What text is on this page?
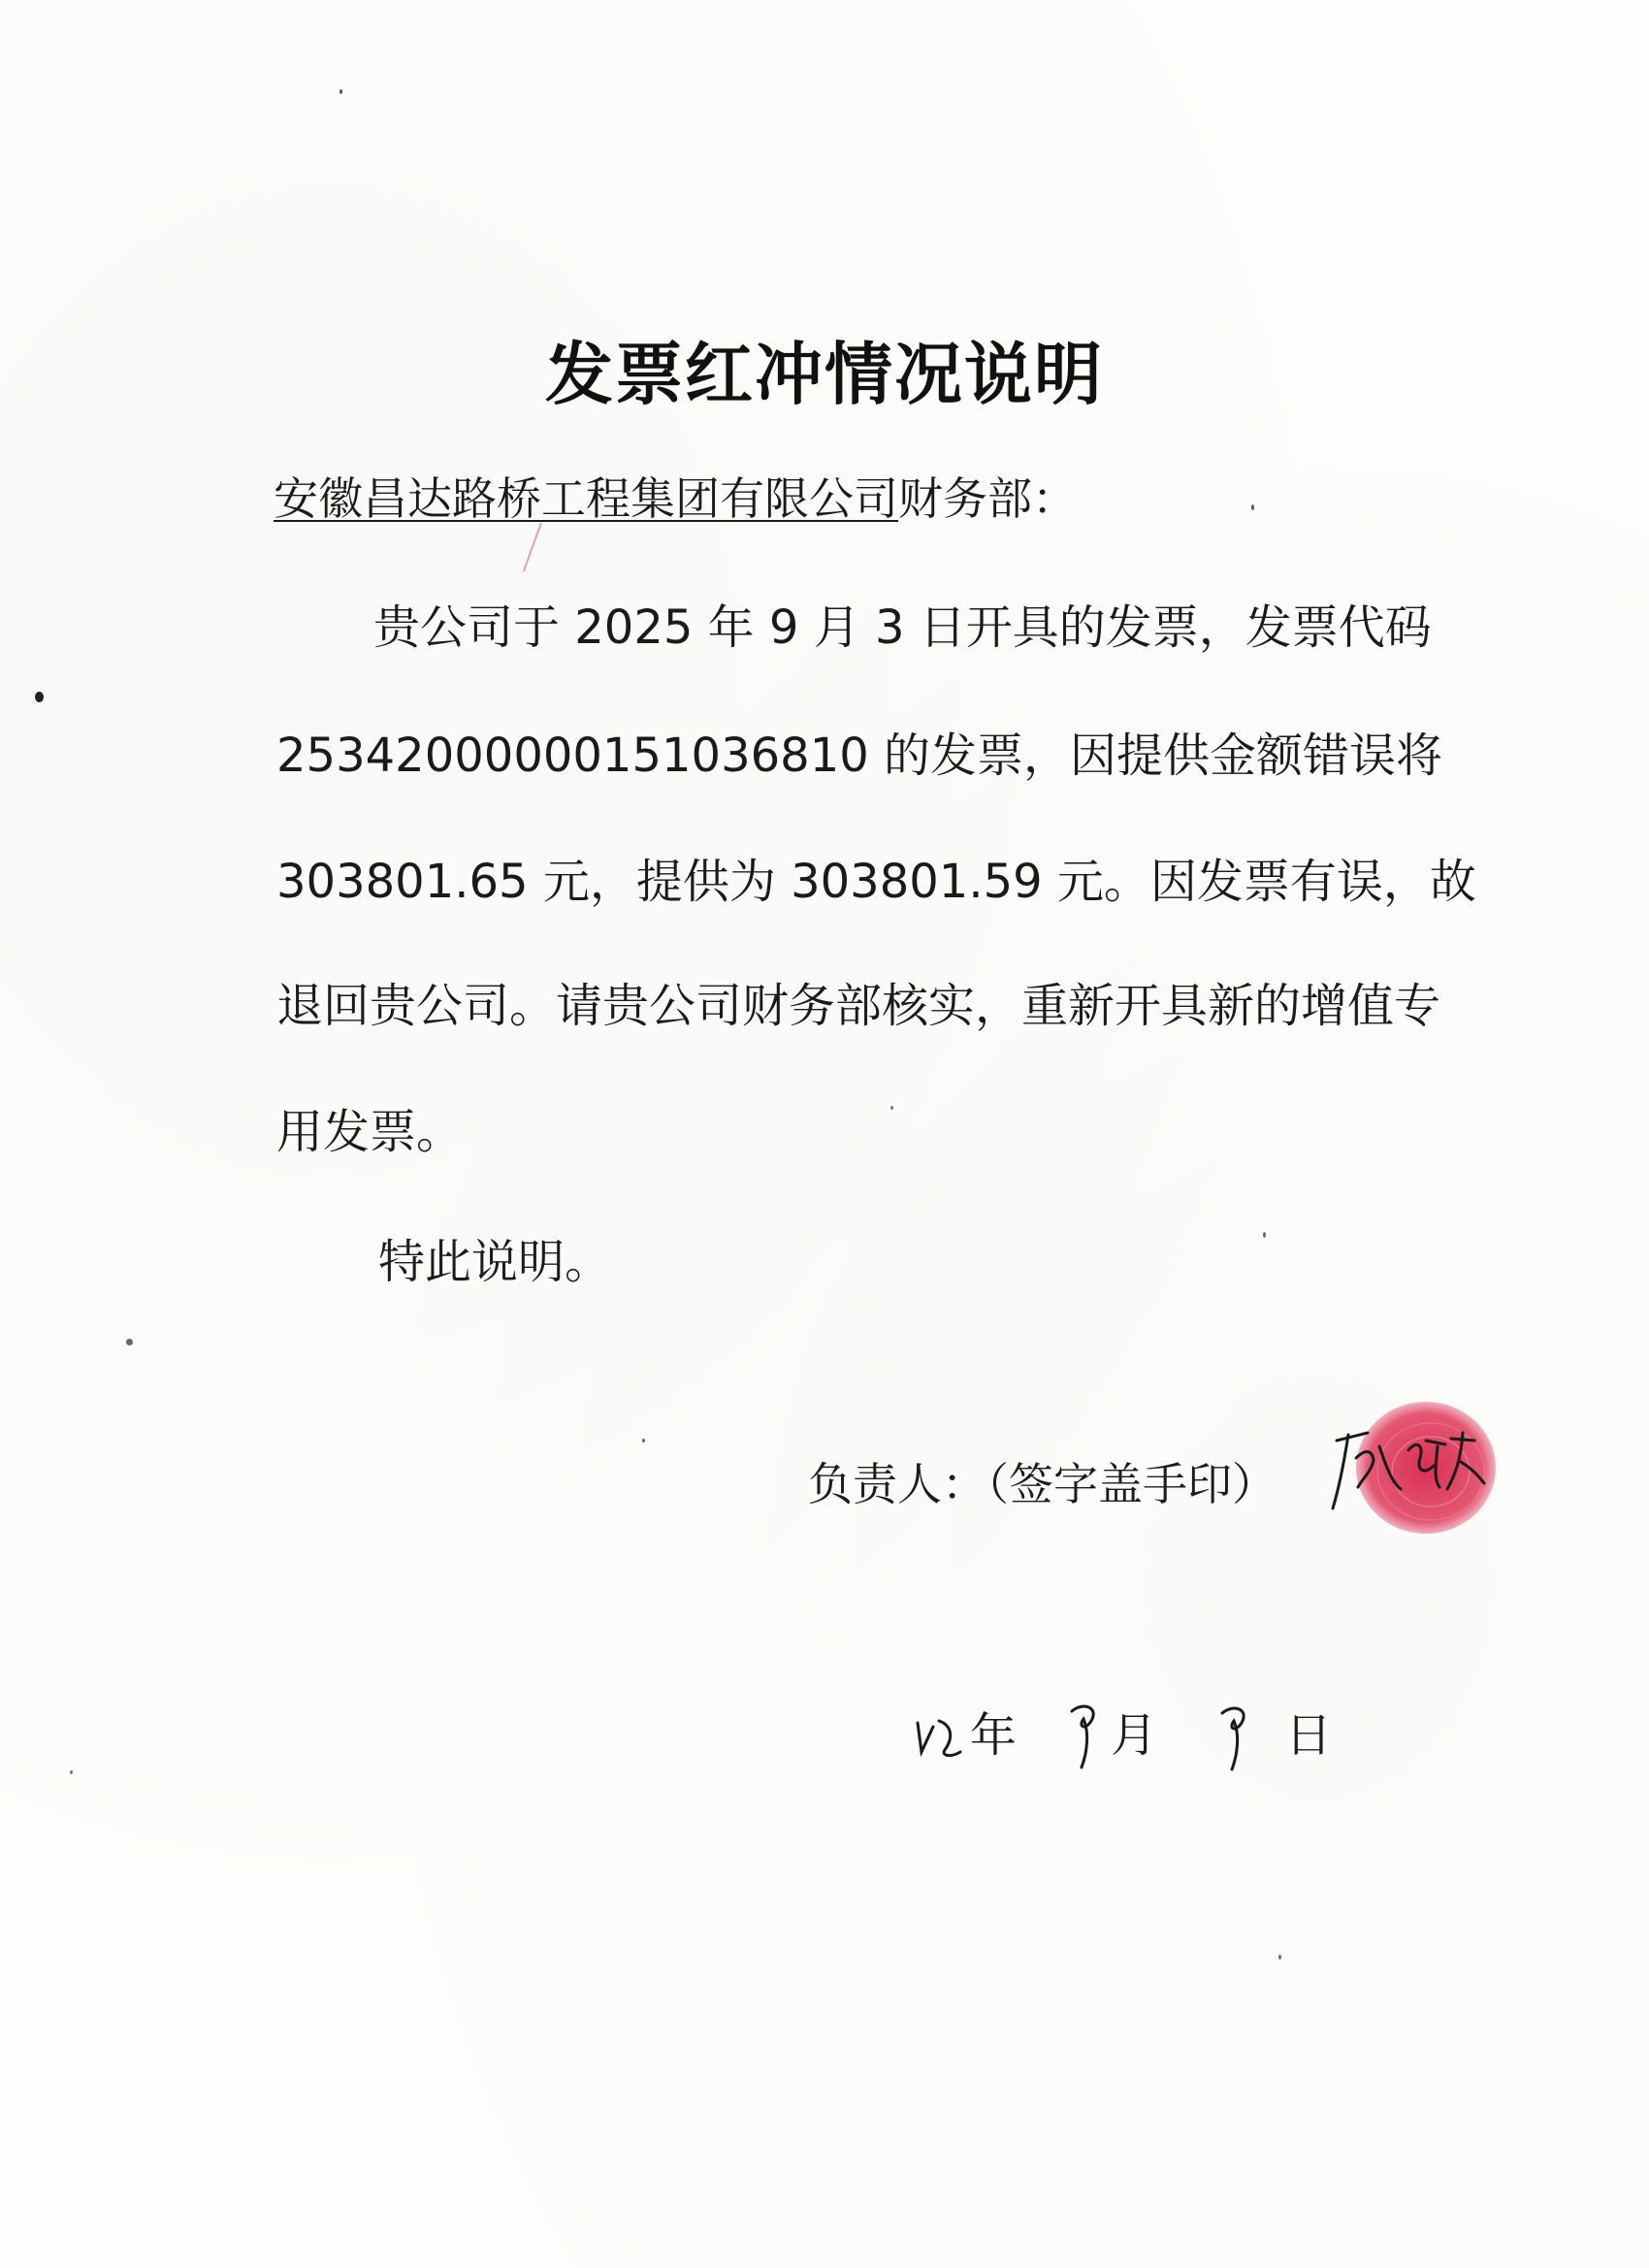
发票红冲情况说明
安徽昌达路桥工程集团有限公司财务部：
贵公司于 2025 年 9 月 3 日开具的发票，发票代码
25342000000151036810 的发票，因提供金额错误将
303801.65 元，提供为 303801.59 元。因发票有误，故
退回贵公司。请贵公司财务部核实，重新开具新的增值专
用发票。
特此说明。
负责人：（签字盖手印）
年 月	日
